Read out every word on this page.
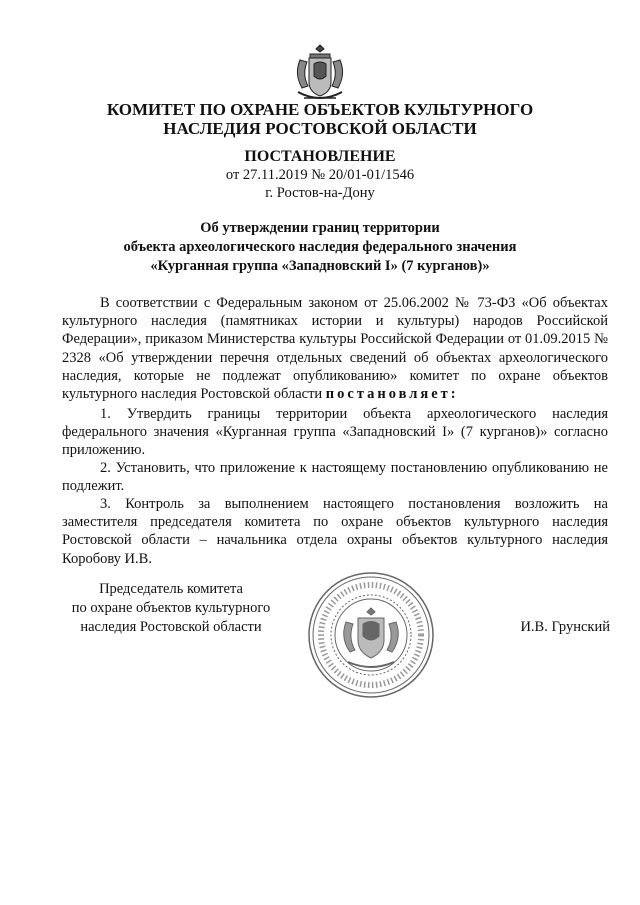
КОМИТЕТ ПО ОХРАНЕ ОБЪЕКТОВ КУЛЬТУРНОГО
НАСЛЕДИЯ РОСТОВСКОЙ ОБЛАСТИ
ПОСТАНОВЛЕНИЕ
от 27.11.2019 № 20/01-01/1546
г. Ростов-на-Дону
Об утверждении границ территории
объекта археологического наследия федерального значения
«Курганная группа «Западновский I» (7 курганов)»

В соответствии с Федеральным законом от 25.06.2002 № 73-ФЗ «Об объектах культурного наследия (памятниках истории и культуры) народов Российской Федерации», приказом Министерства культуры Российской Федерации от 01.09.2015 № 2328 «Об утверждении перечня отдельных сведений об объектах археологического наследия, которые не подлежат опубликованию» комитет по охране объектов культурного наследия Ростовской области постановляет:

1. Утвердить границы территории объекта археологического наследия федерального значения «Курганная группа «Западновский I» (7 курганов)» согласно приложению.

2. Установить, что приложение к настоящему постановлению опубликованию не подлежит.

3. Контроль за выполнением настоящего постановления возложить на заместителя председателя комитета по охране объектов культурного наследия Ростовской области – начальника отдела охраны объектов культурного наследия Коробову И.В.

Председатель комитета
по охране объектов культурного
наследия Ростовской области	И.В. Грунский
